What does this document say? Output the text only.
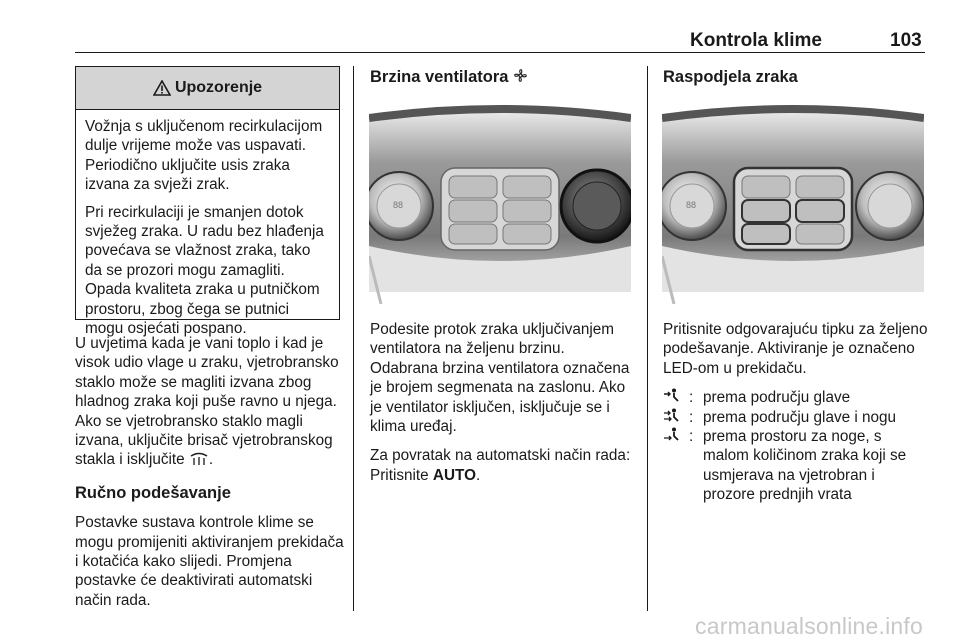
Kontrola klime	103
Upozorenje

Vožnja s uključenom recirkulacijom dulje vrijeme može vas uspavati. Periodično uključite usis zraka izvana za svježi zrak.

Pri recirkulaciji je smanjen dotok svježeg zraka. U radu bez hlađenja povećava se vlažnost zraka, tako da se prozori mogu zamagliti. Opada kvaliteta zraka u putničkom prostoru, zbog čega se putnici mogu osjećati pospano.

U uvjetima kada je vani toplo i kad je visok udio vlage u zraku, vjetrobransko staklo može se magliti izvana zbog hladnog zraka koji puše ravno u njega. Ako se vjetrobransko staklo magli izvana, uključite brisač vjetrobranskog stakla i isključite .

Ručno podešavanje

Postavke sustava kontrole klime se mogu promijeniti aktiviranjem prekidača i kotačića kako slijedi. Promjena postavke će deaktivirati automatski način rada.

Brzina ventilatora
88

Podesite protok zraka uključivanjem ventilatora na željenu brzinu. Odabrana brzina ventilatora označena je brojem segmenata na zaslonu. Ako je ventilator isključen, isključuje se i klima uređaj.

Za povratak na automatski način rada: Pritisnite AUTO.

Raspodjela zraka
88

Pritisnite odgovarajuću tipku za željeno podešavanje. Aktiviranje je označeno LED-om u prekidaču.

: prema području glave
: prema području glave i nogu
: prema prostoru za noge, s malom količinom zraka koji se usmjerava na vjetrobran i prozore prednjih vrata
carmanualsonline.info
